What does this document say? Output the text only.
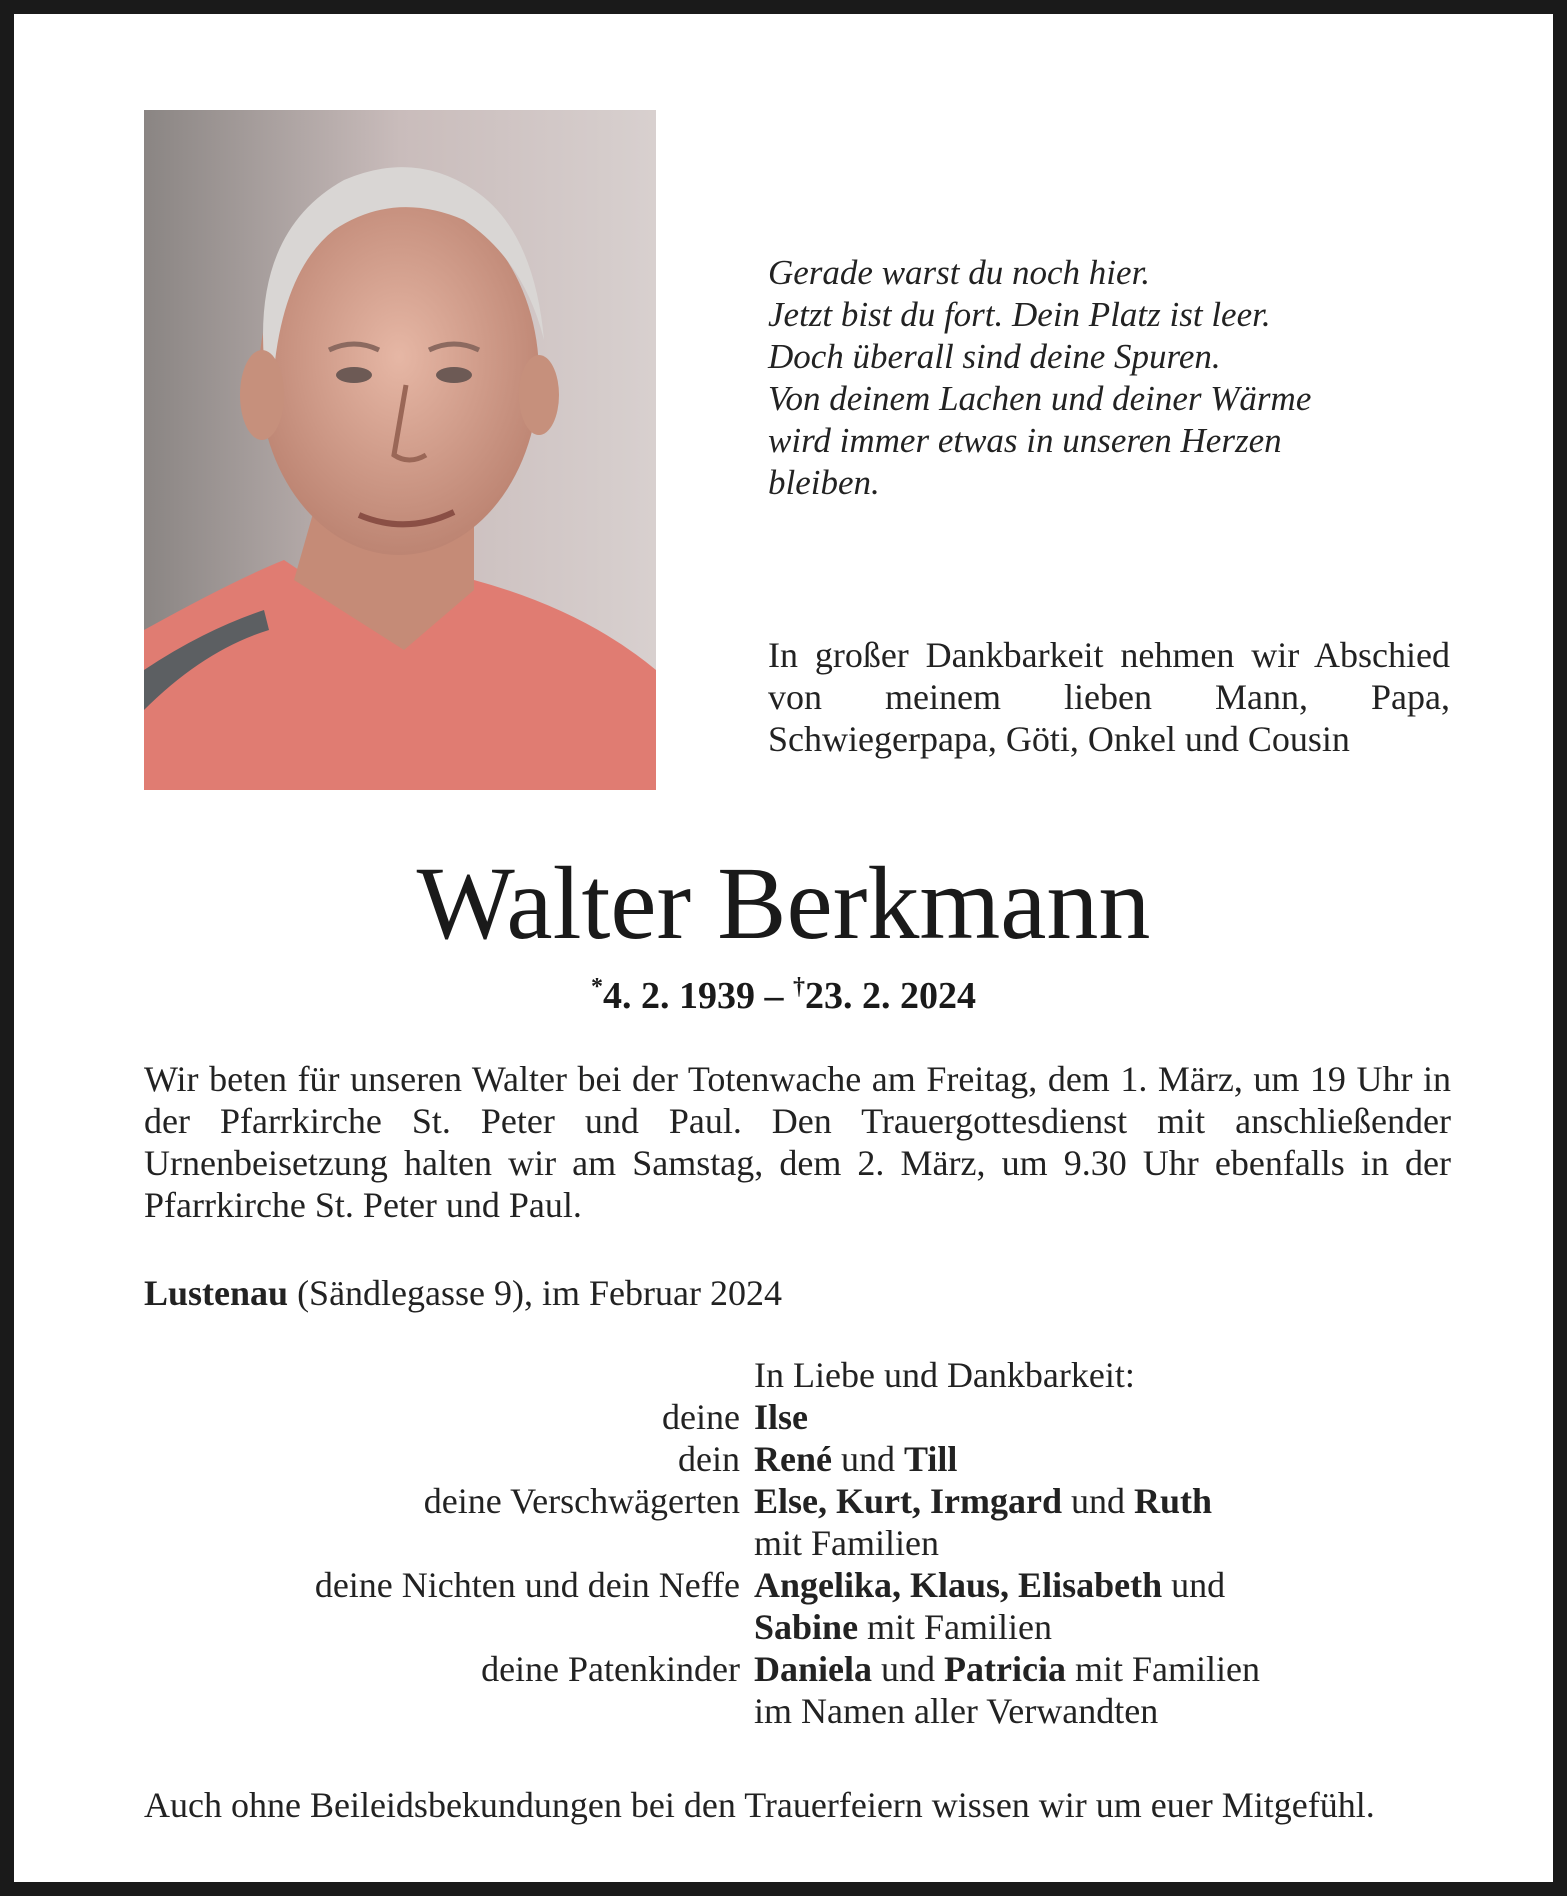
Gerade warst du noch hier.
Jetzt bist du fort. Dein Platz ist leer.
Doch überall sind deine Spuren.
Von deinem Lachen und deiner Wärme
wird immer etwas in unseren Herzen
bleiben.
In großer Dankbarkeit nehmen wir Abschied von meinem lieben Mann, Papa, Schwiegerpapa, Göti, Onkel und Cousin
Walter Berkmann
*4. 2. 1939 – †23. 2. 2024
Wir beten für unseren Walter bei der Totenwache am Freitag, dem 1. März, um 19 Uhr in der Pfarrkirche St. Peter und Paul. Den Trauergottesdienst mit anschließender Urnenbeisetzung halten wir am Samstag, dem 2. März, um 9.30 Uhr ebenfalls in der Pfarrkirche St. Peter und Paul.
Lustenau (Sändlegasse 9), im Februar 2024
In Liebe und Dankbarkeit:
deine Ilse
dein René und Till
deine Verschwägerten Else, Kurt, Irmgard und Ruth
mit Familien
deine Nichten und dein Neffe Angelika, Klaus, Elisabeth und
Sabine mit Familien
deine Patenkinder Daniela und Patricia mit Familien
im Namen aller Verwandten
Auch ohne Beileidsbekundungen bei den Trauerfeiern wissen wir um euer Mitgefühl.
